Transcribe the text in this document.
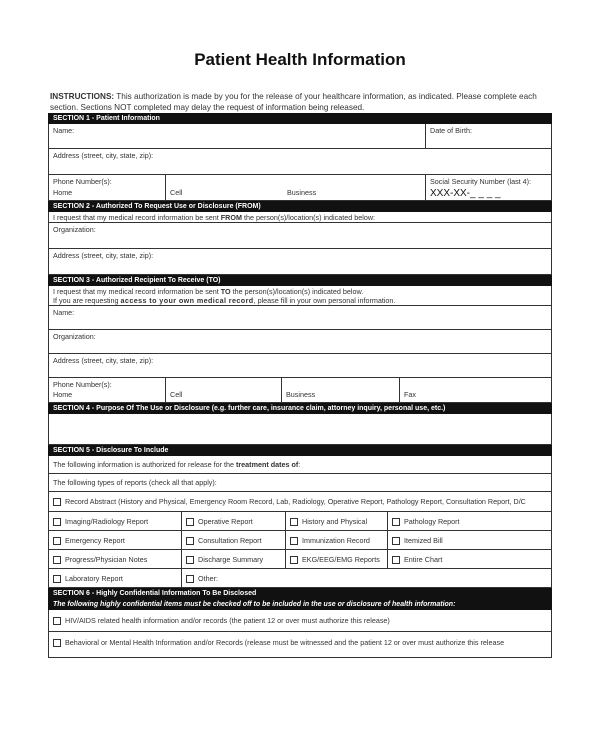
Patient Health Information
INSTRUCTIONS: This authorization is made by you for the release of your healthcare information, as indicated. Please complete each section. Sections NOT completed may delay the request of information being released.
SECTION 1 - Patient Information
Name:	Date of Birth:
Address (street, city, state, zip):
Phone Number(s):
Home	Cell	Business
Social Security Number (last 4):
XXX-XX-_ _ _ _
SECTION 2 - Authorized To Request Use or Disclosure (FROM)
I request that my medical record information be sent FROM the person(s)/location(s) indicated below:
Organization:
Address (street, city, state, zip):
SECTION 3 - Authorized Recipient To Receive (TO)
I request that my medical record information be sent TO the person(s)/location(s) indicated below.
If you are requesting access to your own medical record, please fill in your own personal information.
Name:
Organization:
Address (street, city, state, zip):
Phone Number(s):
Home	Cell	Business	Fax
SECTION 4 - Purpose Of The Use or Disclosure (e.g. further care, insurance claim, attorney inquiry, personal use, etc.)
SECTION 5 - Disclosure To Include
The following information is authorized for release for the treatment dates of:
The following types of reports (check all that apply):
Record Abstract (History and Physical, Emergency Room Record, Lab, Radiology, Operative Report, Pathology Report, Consultation Report, D/C
Imaging/Radiology Report	Operative Report	History and Physical	Pathology Report
Emergency Report	Consultation Report	Immunization Record	Itemized Bill
Progress/Physician Notes	Discharge Summary	EKG/EEG/EMG Reports	Entire Chart
Laboratory Report	Other:
SECTION 6 - Highly Confidential Information To Be Disclosed
The following highly confidential items must be checked off to be included in the use or disclosure of health information:
HIV/AIDS related health information and/or records (the patient 12 or over must authorize this release)
Behavioral or Mental Health Information and/or Records (release must be witnessed and the patient 12 or over must authorize this release
